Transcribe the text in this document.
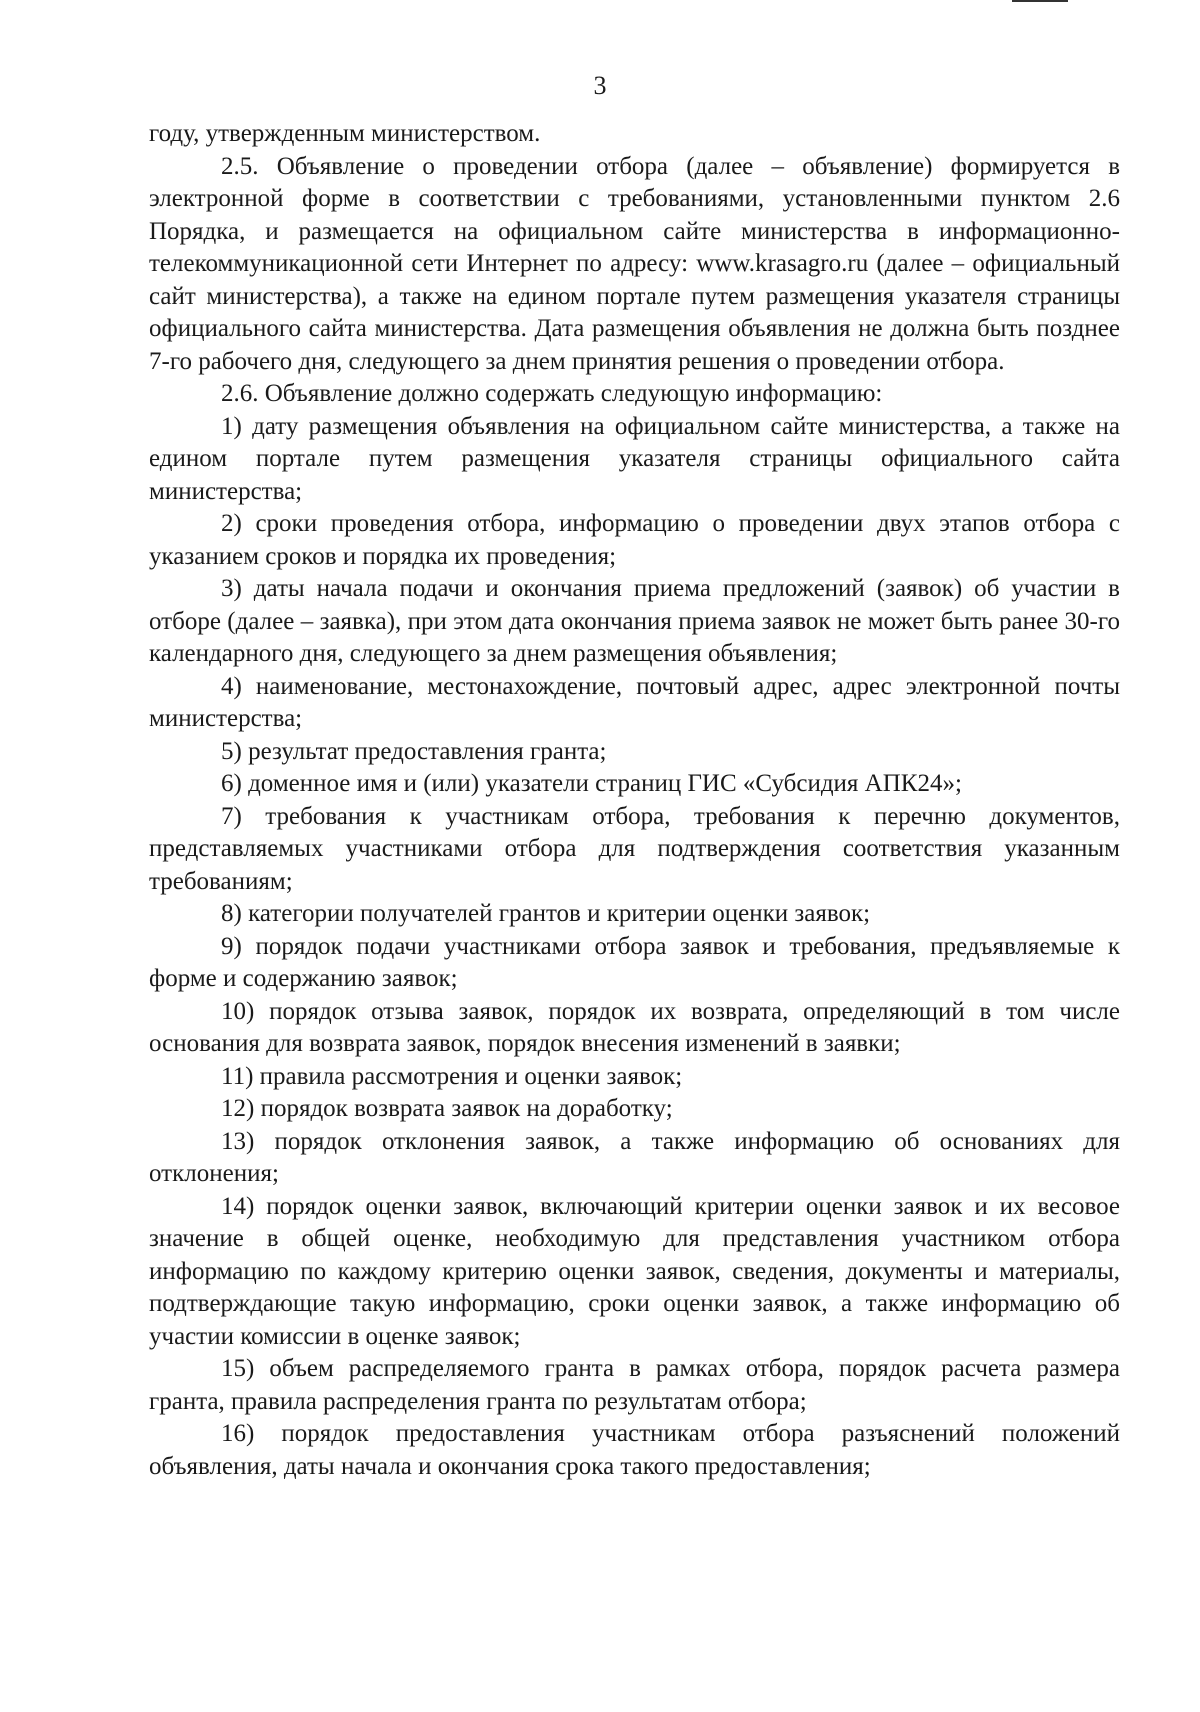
3

году, утвержденным министерством.

2.5. Объявление о проведении отбора (далее – объявление) формируется в электронной форме в соответствии с требованиями, установленными пунктом 2.6 Порядка, и размещается на официальном сайте министерства в информационно-телекоммуникационной сети Интернет по адресу: www.krasagro.ru (далее – официальный сайт министерства), а также на едином портале путем размещения указателя страницы официального сайта министерства. Дата размещения объявления не должна быть позднее 7-го рабочего дня, следующего за днем принятия решения о проведении отбора.

2.6. Объявление должно содержать следующую информацию:

1) дату размещения объявления на официальном сайте министерства, а также на едином портале путем размещения указателя страницы официального сайта министерства;

2) сроки проведения отбора, информацию о проведении двух этапов отбора с указанием сроков и порядка их проведения;

3) даты начала подачи и окончания приема предложений (заявок) об участии в отборе (далее – заявка), при этом дата окончания приема заявок не может быть ранее 30-го календарного дня, следующего за днем размещения объявления;

4) наименование, местонахождение, почтовый адрес, адрес электронной почты министерства;

5) результат предоставления гранта;

6) доменное имя и (или) указатели страниц ГИС «Субсидия АПК24»;

7) требования к участникам отбора, требования к перечню документов, представляемых участниками отбора для подтверждения соответствия указанным требованиям;

8) категории получателей грантов и критерии оценки заявок;

9) порядок подачи участниками отбора заявок и требования, предъявляемые к форме и содержанию заявок;

10) порядок отзыва заявок, порядок их возврата, определяющий в том числе основания для возврата заявок, порядок внесения изменений в заявки;

11) правила рассмотрения и оценки заявок;

12) порядок возврата заявок на доработку;

13) порядок отклонения заявок, а также информацию об основаниях для отклонения;

14) порядок оценки заявок, включающий критерии оценки заявок и их весовое значение в общей оценке, необходимую для представления участником отбора информацию по каждому критерию оценки заявок, сведения, документы и материалы, подтверждающие такую информацию, сроки оценки заявок, а также информацию об участии комиссии в оценке заявок;

15) объем распределяемого гранта в рамках отбора, порядок расчета размера гранта, правила распределения гранта по результатам отбора;

16) порядок предоставления участникам отбора разъяснений положений объявления, даты начала и окончания срока такого предоставления;
